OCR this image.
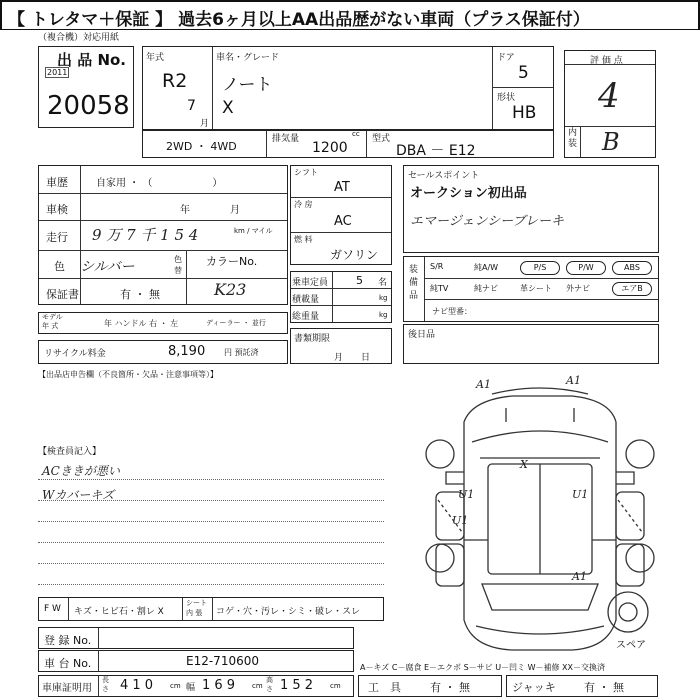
【 トレタマ＋保証 】 過去6ヶ月以上AA出品歴がない車両（プラス保証付）
（複合機）対応用紙
出 品 No.
2011
20058
年式
R2
7
月
車名・グレード
ノート
X
ドア
5
形状
HB
2WD ・ 4WD
排気量	cc
1200
型式
DBA － E12
評 価 点
4
内
装 B
車歴	自家用 ・ （　　　　　　）
車検	年　　　　月
走行 9 万 7 千 1 5 4	km / マイル
色 シルバー	色
替
保証書	有 ・ 無
カラーNo.
K23
モデル
年 式	年 ハンドル 右 ・ 左	ディーラー ・ 並行
リサイクル料金	8,190 円 預託済
シフト
AT
冷 房
AC
燃 料
ガソリン
乗車定員	5 名
積載量	kg
総重量	kg
書類期限
月　　日
セールスポイント
オークション初出品
エマージェンシーブレーキ
装
備
品
ナビ型番：
後日品
【出品店申告欄（不良箇所・欠品・注意事項等）】
【検査員記入】
ACききが悪い
Wカバーキズ
A1	A1
X
U1
U1
U1
A1
スペア
F W キズ・ヒビ石・割レ X
シート
内 張	コゲ・穴・汚レ・シミ・破レ・スレ
登 録 No.
車 台 No.	E12-710600
車庫証明用
長
さ 4 1 0 cm 幅 1 6 9 cm
高
さ 1 5 2 cm
A－キズ C－腐食 E－エクボ S－サビ U－凹ミ W－補修 XX－交換済
工　具	有 ・ 無	ジャッキ	有 ・ 無
S/R	純A/W	P/S	P/W	ABS
純TV	純ナビ	革シート 外ナビ	エアB
